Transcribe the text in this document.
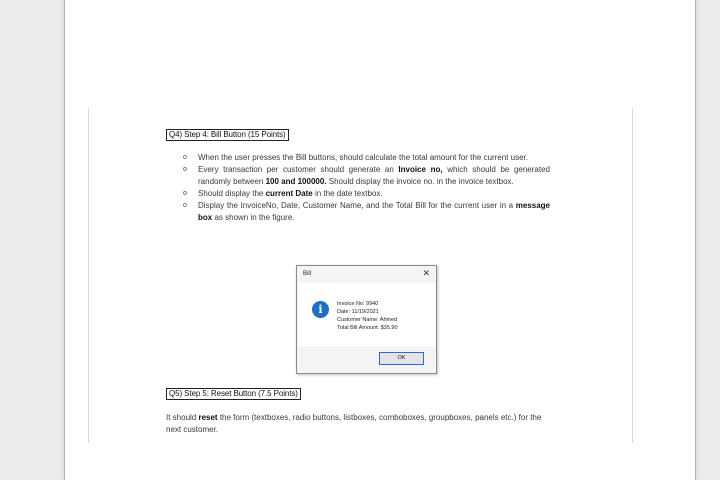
Q4) Step 4: Bill Button (15 Points)
o When the user presses the Bill buttons, should calculate the total amount for the current user.
o Every transaction per customer should generate an Invoice no, which should be generated randomly between 100 and 100000. Should display the invoice no. in the invoice textbox.
o Should display the current Date in the date textbox.
o Display the InvoiceNo, Date, Customer Name, and the Total Bill for the current user in a message box as shown in the figure.
Bill	✕
i	Invoice No: 9940
Date: 11/19/2021
Customer Name: Ahmed
Total Bill Amount: $35.90
OK
Q5) Step 5: Reset Button (7.5 Points)
It should reset the form (textboxes, radio buttons, listboxes, comboboxes, groupboxes, panels etc.) for the next customer.
